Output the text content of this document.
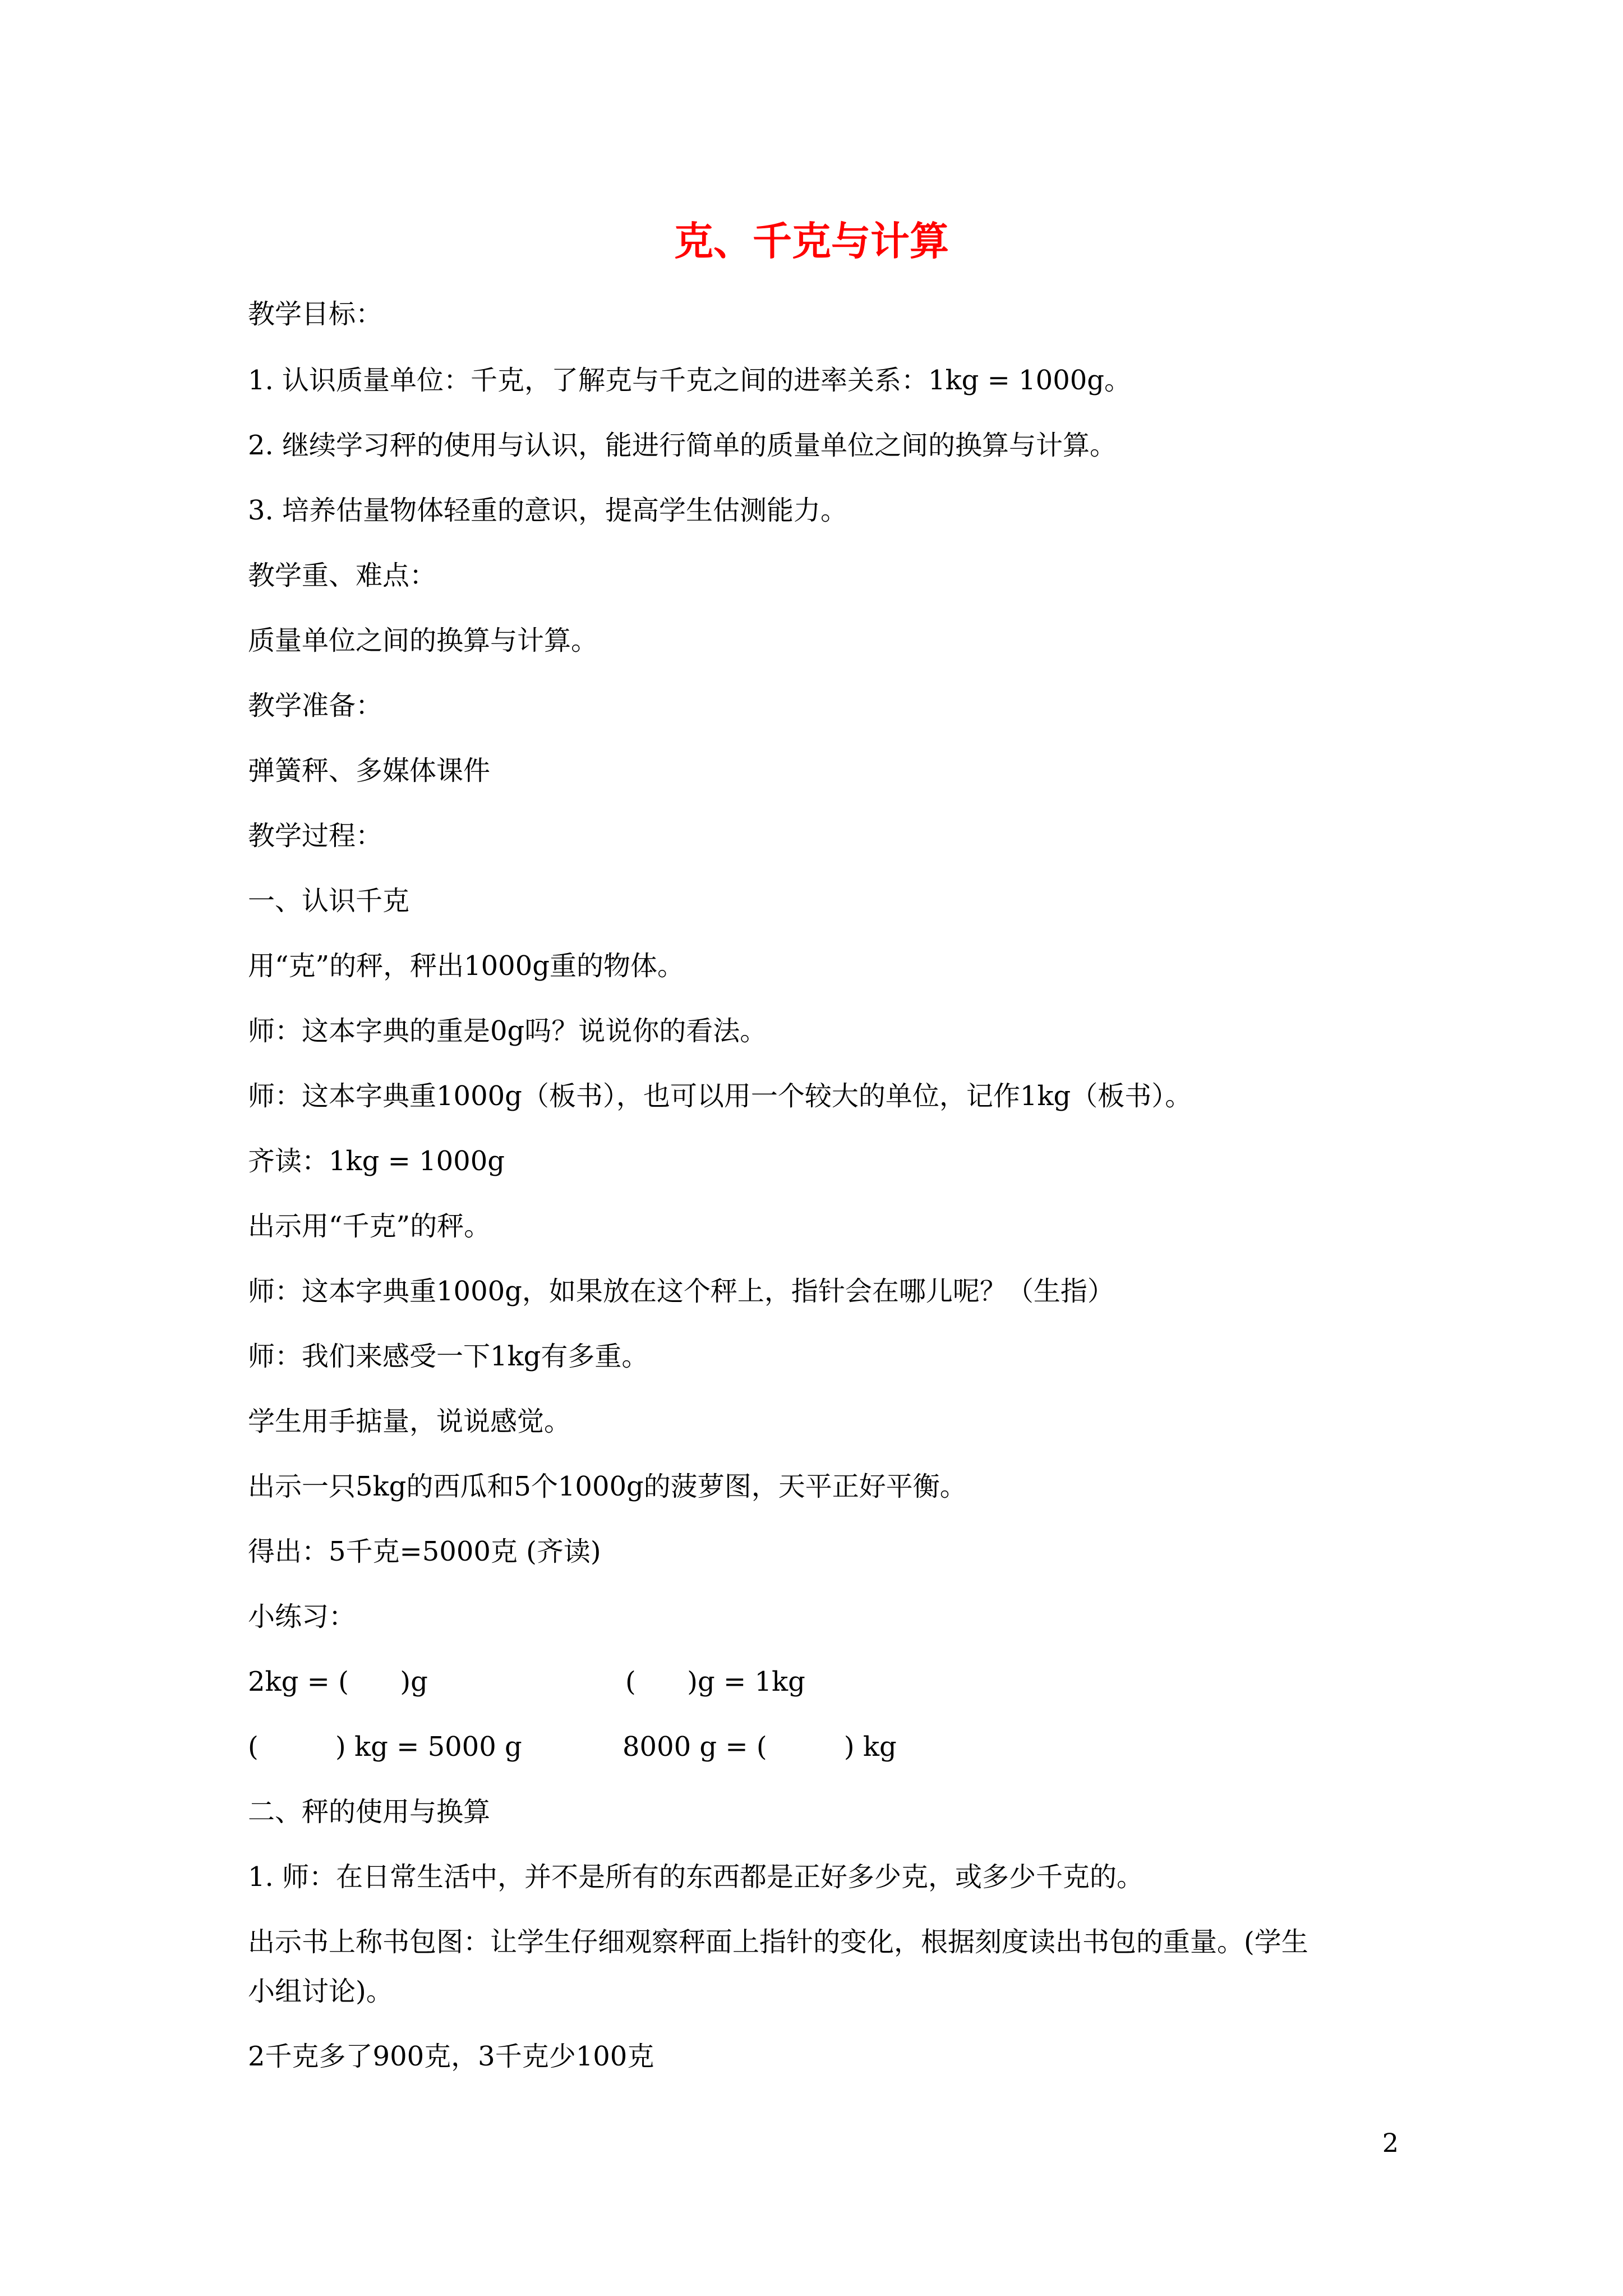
克、千克与计算
教学目标：
1. 认识质量单位：千克，了解克与千克之间的进率关系：1kg = 1000g。
2. 继续学习秤的使用与认识，能进行简单的质量单位之间的换算与计算。
3. 培养估量物体轻重的意识，提高学生估测能力。
教学重、难点：
质量单位之间的换算与计算。
教学准备：
弹簧秤、多媒体课件
教学过程：
一、认识千克
用“克”的秤，秤出1000g重的物体。
师：这本字典的重是0g吗？说说你的看法。
师：这本字典重1000g（板书），也可以用一个较大的单位，记作1kg（板书）。
齐读：1kg = 1000g
出示用“千克”的秤。
师：这本字典重1000g，如果放在这个秤上，指针会在哪儿呢？（生指）
师：我们来感受一下1kg有多重。
学生用手掂量，说说感觉。
出示一只5kg的西瓜和5个1000g的菠萝图，天平正好平衡。
得出：5千克=5000克 (齐读)
小练习：
2kg = (      )g	(      )g = 1kg
(         ) kg = 5000 g	8000 g = (         ) kg
二、秤的使用与换算
1. 师：在日常生活中，并不是所有的东西都是正好多少克，或多少千克的。
出示书上称书包图：让学生仔细观察秤面上指针的变化，根据刻度读出书包的重量。(学生
小组讨论)。
2千克多了900克，3千克少100克
2
